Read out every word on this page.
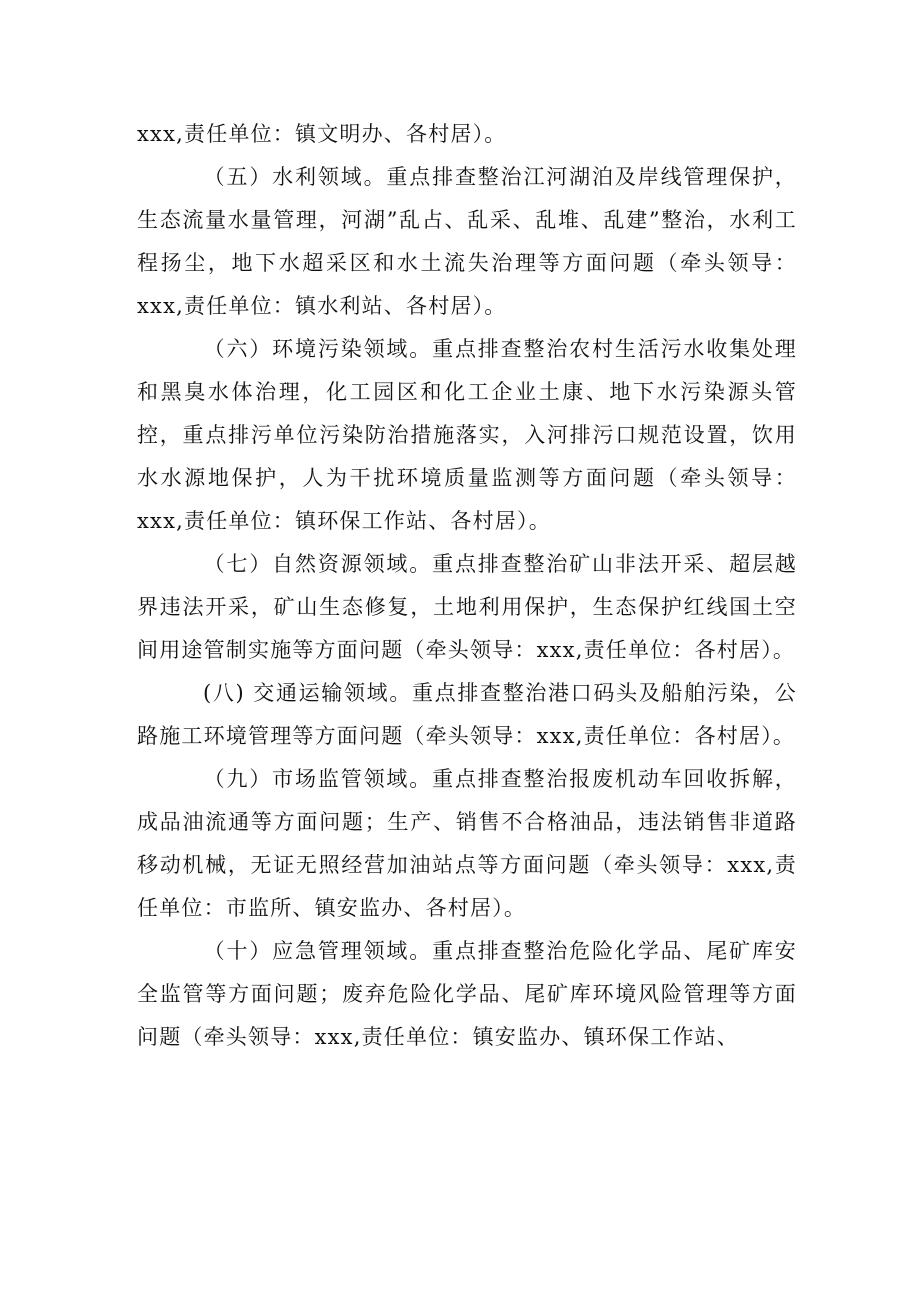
xxx,责任单位：镇文明办、各村居）。

（五）水利领域。重点排查整治江河湖泊及岸线管理保护，生态流量水量管理，河湖”乱占、乱采、乱堆、乱建”整治，水利工程扬尘，地下水超采区和水土流失治理等方面问题（牵头领导：xxx,责任单位：镇水利站、各村居）。

（六）环境污染领域。重点排查整治农村生活污水收集处理和黑臭水体治理，化工园区和化工企业土康、地下水污染源头管控，重点排污单位污染防治措施落实，入河排污口规范设置，饮用水水源地保护，人为干扰环境质量监测等方面问题（牵头领导：xxx,责任单位：镇环保工作站、各村居）。

（七）自然资源领域。重点排查整治矿山非法开采、超层越界违法开采，矿山生态修复，土地利用保护，生态保护红线国土空间用途管制实施等方面问题（牵头领导：xxx,责任单位：各村居）。

(八) 交通运输领域。重点排查整治港口码头及船舶污染，公路施工环境管理等方面问题（牵头领导：xxx,责任单位：各村居）。

（九）市场监管领域。重点排查整治报废机动车回收拆解，成品油流通等方面问题；生产、销售不合格油品，违法销售非道路移动机械，无证无照经营加油站点等方面问题（牵头领导：xxx,责任单位：市监所、镇安监办、各村居）。

（十）应急管理领域。重点排查整治危险化学品、尾矿库安全监管等方面问题；废弃危险化学品、尾矿库环境风险管理等方面问题（牵头领导：xxx,责任单位：镇安监办、镇环保工作站、
